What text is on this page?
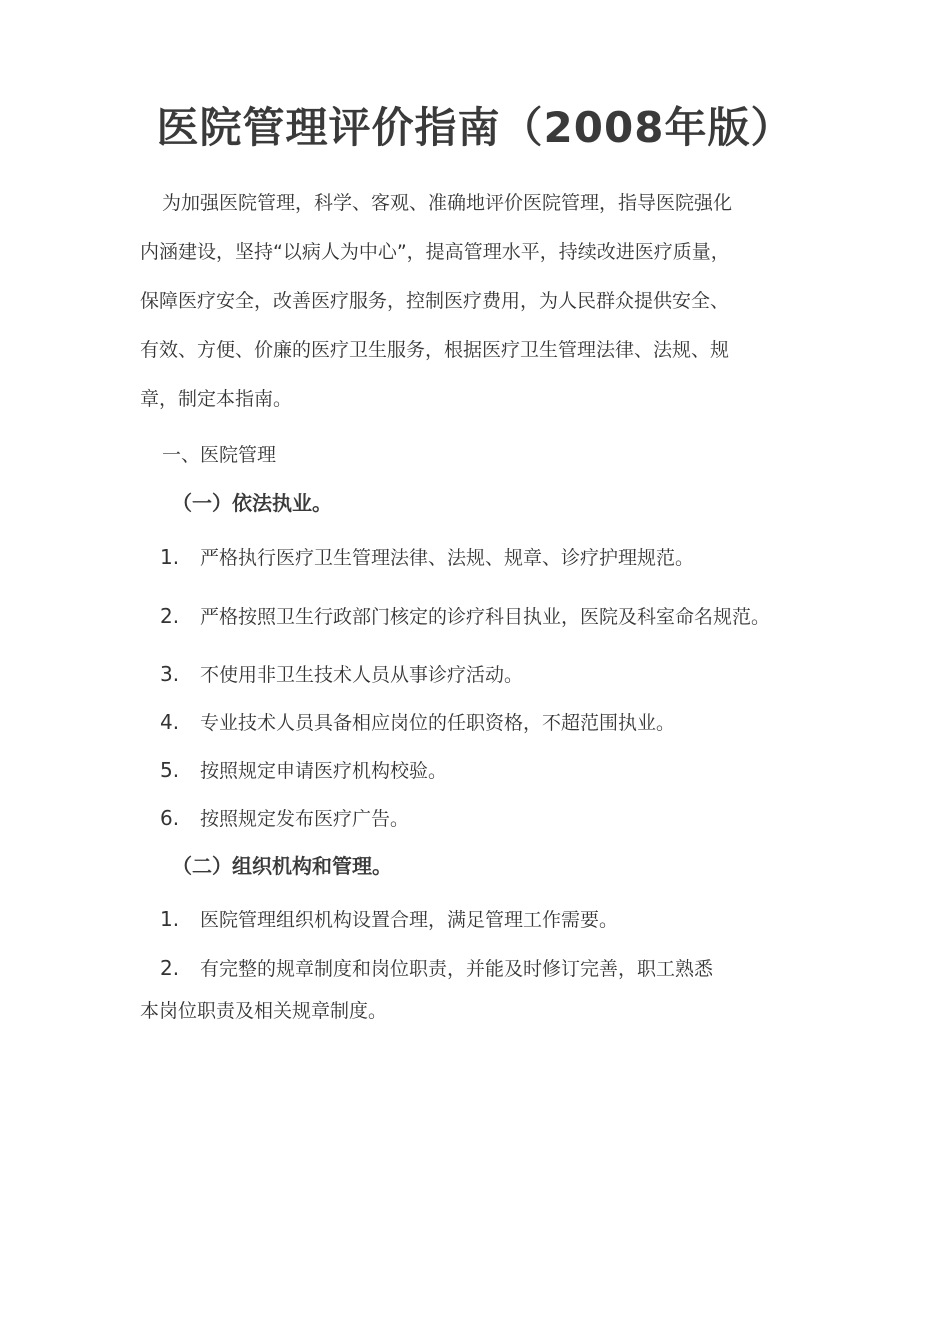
医院管理评价指南（2008年版）
为加强医院管理，科学、客观、准确地评价医院管理，指导医院强化
内涵建设，坚持“以病人为中心”，提高管理水平，持续改进医疗质量，
保障医疗安全，改善医疗服务，控制医疗费用，为人民群众提供安全、
有效、方便、价廉的医疗卫生服务，根据医疗卫生管理法律、法规、规
章，制定本指南。
一、医院管理
（一）依法执业。
1. 严格执行医疗卫生管理法律、法规、规章、诊疗护理规范。
2. 严格按照卫生行政部门核定的诊疗科目执业，医院及科室命名规范。
3. 不使用非卫生技术人员从事诊疗活动。
4. 专业技术人员具备相应岗位的任职资格，不超范围执业。
5. 按照规定申请医疗机构校验。
6. 按照规定发布医疗广告。
（二）组织机构和管理。
1. 医院管理组织机构设置合理，满足管理工作需要。
2. 有完整的规章制度和岗位职责，并能及时修订完善，职工熟悉
本岗位职责及相关规章制度。
